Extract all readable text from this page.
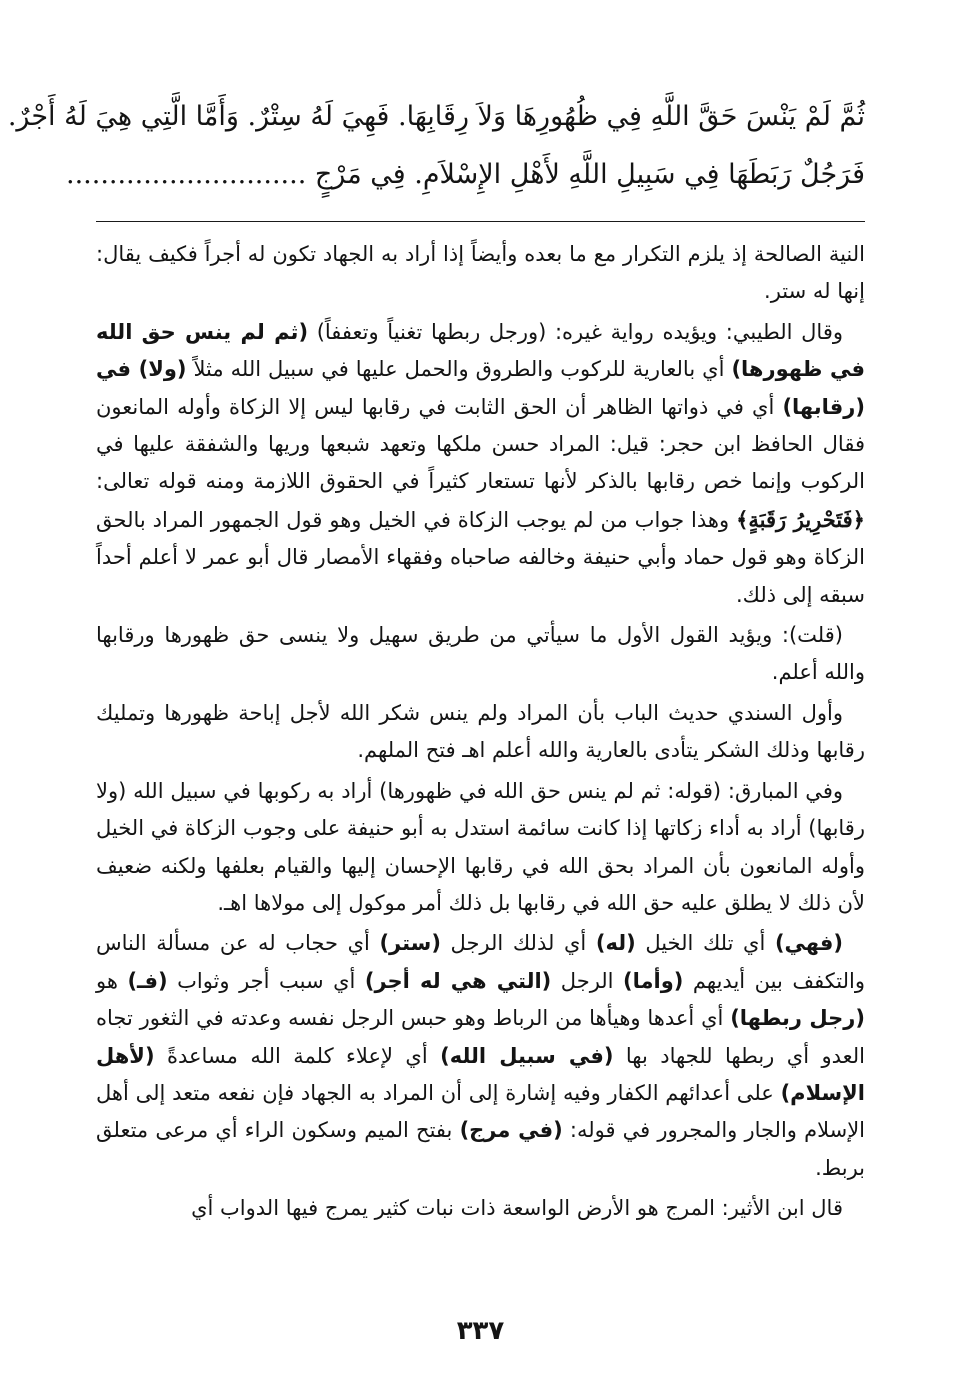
ثُمَّ لَمْ يَنْسَ حَقَّ اللَّهِ فِي ظُهُورِهَا وَلاَ رِقَابِهَا. فَهِيَ لَهُ سِتْرٌ. وَأَمَّا الَّتِي هِيَ لَهُ أَجْرٌ.
فَرَجُلٌ رَبَطَهَا فِي سَبِيلِ اللَّهِ لأَهْلِ الإِسْلاَمِ. فِي مَرْجٍ ............................

النية الصالحة إذ يلزم التكرار مع ما بعده وأيضاً إذا أراد به الجهاد تكون له أجراً فكيف يقال: إنها له ستر.

وقال الطيبي: ويؤيده رواية غيره: (ورجل ربطها تغنياً وتعففاً) (ثم لم ينس حق الله في ظهورها) أي بالعارية للركوب والطروق والحمل عليها في سبيل الله مثلاً (ولا) في (رقابها) أي في ذواتها الظاهر أن الحق الثابت في رقابها ليس إلا الزكاة وأوله المانعون فقال الحافظ ابن حجر: قيل: المراد حسن ملكها وتعهد شبعها وريها والشفقة عليها في الركوب وإنما خص رقابها بالذكر لأنها تستعار كثيراً في الحقوق اللازمة ومنه قوله تعالى: ﴿فَتَحْرِيرُ رَقَبَةٍ﴾ وهذا جواب من لم يوجب الزكاة في الخيل وهو قول الجمهور المراد بالحق الزكاة وهو قول حماد وأبي حنيفة وخالفه صاحباه وفقهاء الأمصار قال أبو عمر لا أعلم أحداً سبقه إلى ذلك.

(قلت): ويؤيد القول الأول ما سيأتي من طريق سهيل ولا ينسى حق ظهورها ورقابها والله أعلم.

وأول السندي حديث الباب بأن المراد ولم ينس شكر الله لأجل إباحة ظهورها وتمليك رقابها وذلك الشكر يتأدى بالعارية والله أعلم اهـ فتح الملهم.

وفي المبارق: (قوله: ثم لم ينس حق الله في ظهورها) أراد به ركوبها في سبيل الله (ولا رقابها) أراد به أداء زكاتها إذا كانت سائمة استدل به أبو حنيفة على وجوب الزكاة في الخيل وأوله المانعون بأن المراد بحق الله في رقابها الإحسان إليها والقيام بعلفها ولكنه ضعيف لأن ذلك لا يطلق عليه حق الله في رقابها بل ذلك أمر موكول إلى مولاها اهـ.

(فهي) أي تلك الخيل (له) أي لذلك الرجل (ستر) أي حجاب له عن مسألة الناس والتكفف بين أيديهم (وأما) الرجل (التي هي له أجر) أي سبب أجر وثواب (فـ) هو (رجل ربطها) أي أعدها وهيأها من الرباط وهو حبس الرجل نفسه وعدته في الثغور تجاه العدو أي ربطها للجهاد بها (في سبيل الله) أي لإعلاء كلمة الله مساعدةً (لأهل الإسلام) على أعدائهم الكفار وفيه إشارة إلى أن المراد به الجهاد فإن نفعه متعد إلى أهل الإسلام والجار والمجرور في قوله: (في مرج) بفتح الميم وسكون الراء أي مرعى متعلق بربط.

قال ابن الأثير: المرج هو الأرض الواسعة ذات نبات كثير يمرج فيها الدواب أي

٣٣٧
